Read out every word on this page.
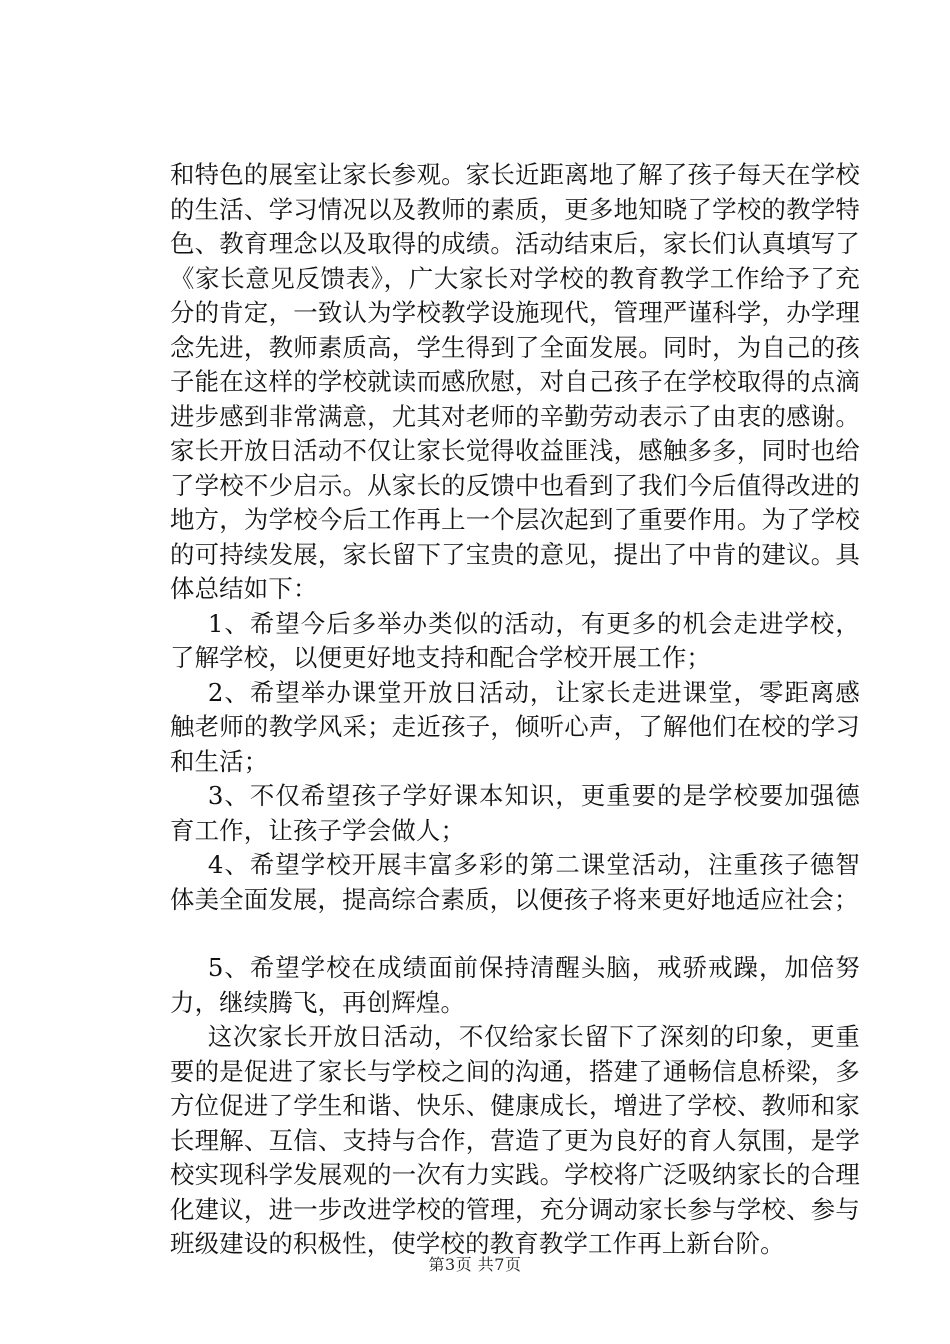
和特色的展室让家长参观。家长近距离地了解了孩子每天在学校的生活、学习情况以及教师的素质，更多地知晓了学校的教学特色、教育理念以及取得的成绩。活动结束后，家长们认真填写了《家长意见反馈表》，广大家长对学校的教育教学工作给予了充分的肯定，一致认为学校教学设施现代，管理严谨科学，办学理念先进，教师素质高，学生得到了全面发展。同时，为自己的孩子能在这样的学校就读而感欣慰，对自己孩子在学校取得的点滴进步感到非常满意，尤其对老师的辛勤劳动表示了由衷的感谢。家长开放日活动不仅让家长觉得收益匪浅，感触多多，同时也给了学校不少启示。从家长的反馈中也看到了我们今后值得改进的地方，为学校今后工作再上一个层次起到了重要作用。为了学校的可持续发展，家长留下了宝贵的意见，提出了中肯的建议。具体总结如下：

1、希望今后多举办类似的活动，有更多的机会走进学校，了解学校，以便更好地支持和配合学校开展工作；

2、希望举办课堂开放日活动，让家长走进课堂，零距离感触老师的教学风采；走近孩子，倾听心声，了解他们在校的学习和生活；

3、不仅希望孩子学好课本知识，更重要的是学校要加强德育工作，让孩子学会做人；

4、希望学校开展丰富多彩的第二课堂活动，注重孩子德智体美全面发展，提高综合素质，以便孩子将来更好地适应社会；

5、希望学校在成绩面前保持清醒头脑，戒骄戒躁，加倍努力，继续腾飞，再创辉煌。

这次家长开放日活动，不仅给家长留下了深刻的印象，更重要的是促进了家长与学校之间的沟通，搭建了通畅信息桥梁，多方位促进了学生和谐、快乐、健康成长，增进了学校、教师和家长理解、互信、支持与合作，营造了更为良好的育人氛围，是学校实现科学发展观的一次有力实践。学校将广泛吸纳家长的合理化建议，进一步改进学校的管理，充分调动家长参与学校、参与班级建设的积极性，使学校的教育教学工作再上新台阶。

第3页 共7页
